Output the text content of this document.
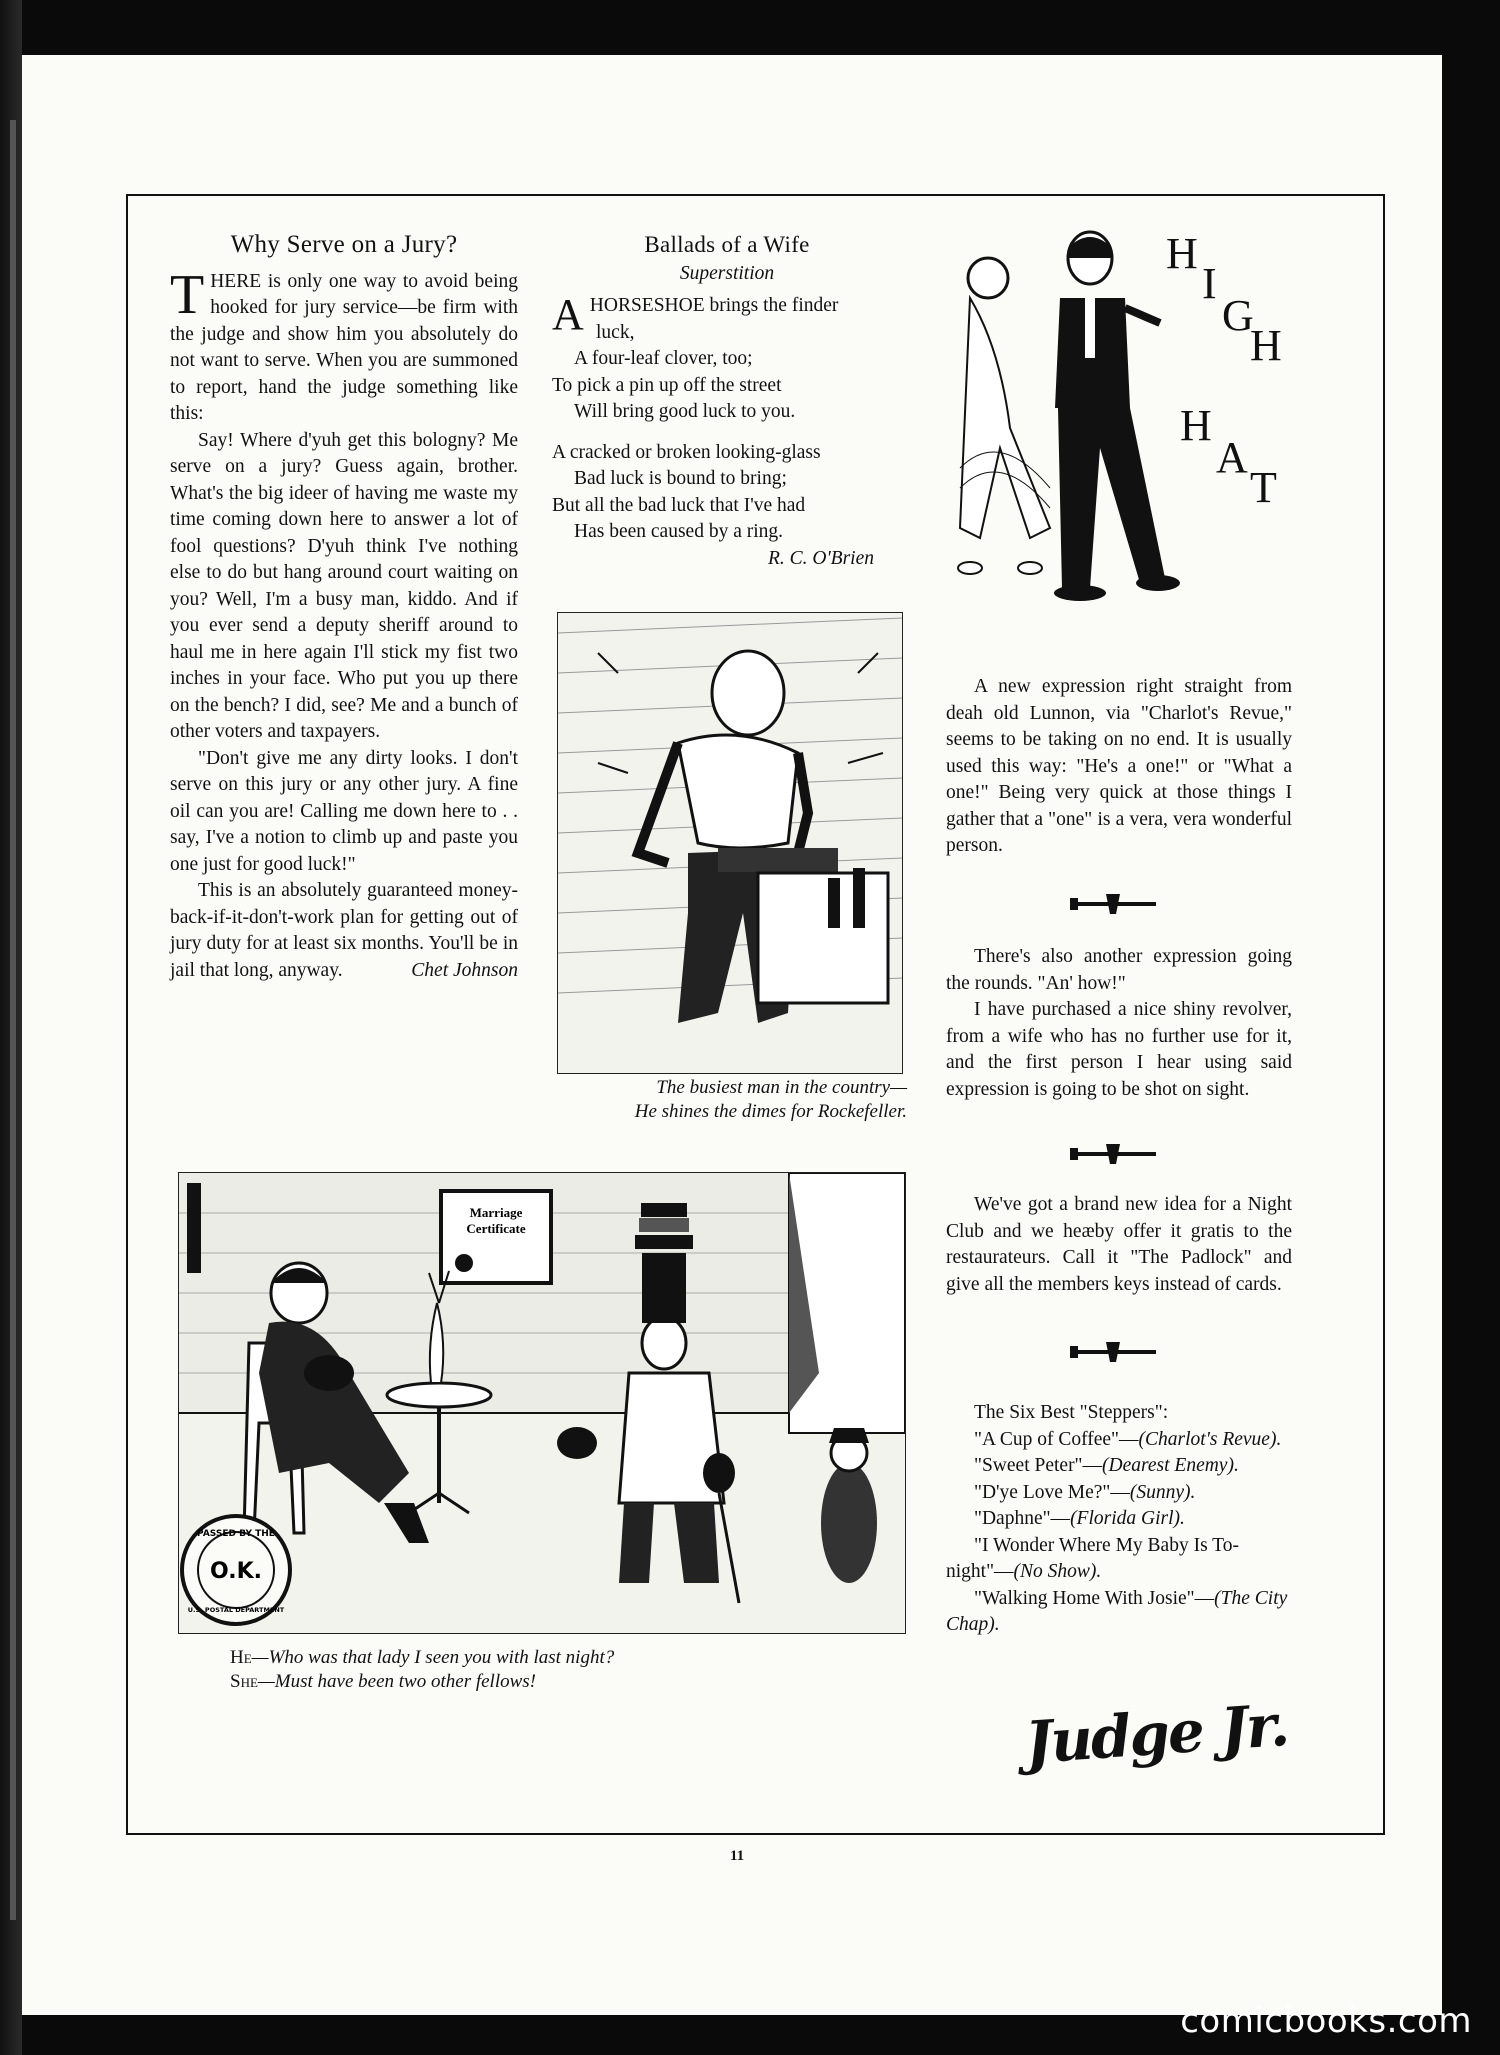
Why Serve on a Jury?

THERE is only one way to avoid being hooked for jury service—be firm with the judge and show him you absolutely do not want to serve. When you are summoned to report, hand the judge something like this:

Say! Where d'yuh get this bologny? Me serve on a jury? Guess again, brother. What's the big ideer of having me waste my time coming down here to answer a lot of fool questions? D'yuh think I've nothing else to do but hang around court waiting on you? Well, I'm a busy man, kiddo. And if you ever send a deputy sheriff around to haul me in here again I'll stick my fist two inches in your face. Who put you up there on the bench? I did, see? Me and a bunch of other voters and taxpayers.

"Don't give me any dirty looks. I don't serve on this jury or any other jury. A fine oil can you are! Calling me down here to . . say, I've a notion to climb up and paste you one just for good luck!"

This is an absolutely guaranteed money-back-if-it-don't-work plan for getting out of jury duty for at least six months. You'll be in jail that long, anyway.	Chet Johnson

Ballads of a Wife
Superstition

AHORSESHOE brings the finder

luck,

A four-leaf clover, too;

To pick a pin up off the street

Will bring good luck to you.

A cracked or broken looking-glass

Bad luck is bound to bring;

But all the bad luck that I've had

Has been caused by a ring.

R. C. O'Brien

The busiest man in the country—
He shines the dimes for Rockefeller.
H
I
G
H
H
A
T

A new expression right straight from deah old Lunnon, via "Charlot's Revue," seems to be taking on no end. It is usually used this way: "He's a one!" or "What a one!" Being very quick at those things I gather that a "one" is a vera, vera wonderful person.

There's also another expression going the rounds. "An' how!"

I have purchased a nice shiny revolver, from a wife who has no further use for it, and the first person I hear using said expression is going to be shot on sight.

We've got a brand new idea for a Night Club and we heæby offer it gratis to the restaurateurs. Call it "The Padlock" and give all the members keys instead of cards.

The Six Best "Steppers":

"A Cup of Coffee"—(Charlot's Revue).

"Sweet Peter"—(Dearest Enemy).

"D'ye Love Me?"—(Sunny).

"Daphne"—(Florida Girl).

"I Wonder Where My Baby Is To-night"—(No Show).

"Walking Home With Josie"—(The City Chap).

Judge Jr.
Marriage
Certificate
PASSED BY THE
O.K.
U.S. POSTAL DEPARTMENT
He—Who was that lady I seen you with last night?
She—Must have been two other fellows!
11
comicbooks.com
